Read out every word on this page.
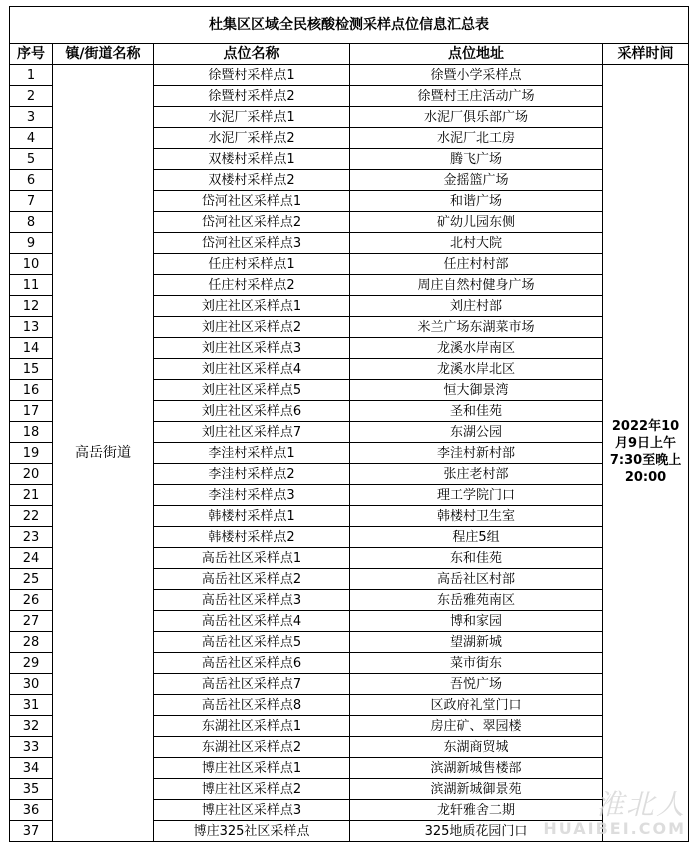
杜集区区域全民核酸检测采样点位信息汇总表				
序号	镇/街道名称	点位名称	点位地址	采样时间
1	高岳街道	徐暨村采样点1	徐暨小学采样点	2022年10月9日上午7:30至晚上20:00
2		徐暨村采样点2	徐暨村王庄活动广场	
3		水泥厂采样点1	水泥厂俱乐部广场	
4		水泥厂采样点2	水泥厂北工房	
5		双楼村采样点1	腾飞广场	
6		双楼村采样点2	金摇篮广场	
7		岱河社区采样点1	和谐广场	
8		岱河社区采样点2	矿幼儿园东侧	
9		岱河社区采样点3	北村大院	
10		任庄村采样点1	任庄村村部	
11		任庄村采样点2	周庄自然村健身广场	
12		刘庄社区采样点1	刘庄村部	
13		刘庄社区采样点2	米兰广场东湖菜市场	
14		刘庄社区采样点3	龙溪水岸南区	
15		刘庄社区采样点4	龙溪水岸北区	
16		刘庄社区采样点5	恒大御景湾	
17		刘庄社区采样点6	圣和佳苑	
18		刘庄社区采样点7	东湖公园	
19		李洼村采样点1	李洼村新村部	
20		李洼村采样点2	张庄老村部	
21		李洼村采样点3	理工学院门口	
22		韩楼村采样点1	韩楼村卫生室	
23		韩楼村采样点2	程庄5组	
24		高岳社区采样点1	东和佳苑	
25		高岳社区采样点2	高岳社区村部	
26		高岳社区采样点3	东岳雅苑南区	
27		高岳社区采样点4	博和家园	
28		高岳社区采样点5	望湖新城	
29		高岳社区采样点6	菜市街东	
30		高岳社区采样点7	吾悦广场	
31		高岳社区采样点8	区政府礼堂门口	
32		东湖社区采样点1	房庄矿、翠园楼	
33		东湖社区采样点2	东湖商贸城	
34		博庄社区采样点1	滨湖新城售楼部	
35		博庄社区采样点2	滨湖新城御景苑	
36		博庄社区采样点3	龙轩雅舍二期	
37		博庄325社区采样点	325地质花园门口	
淮北人
HUAIBEI.COM
